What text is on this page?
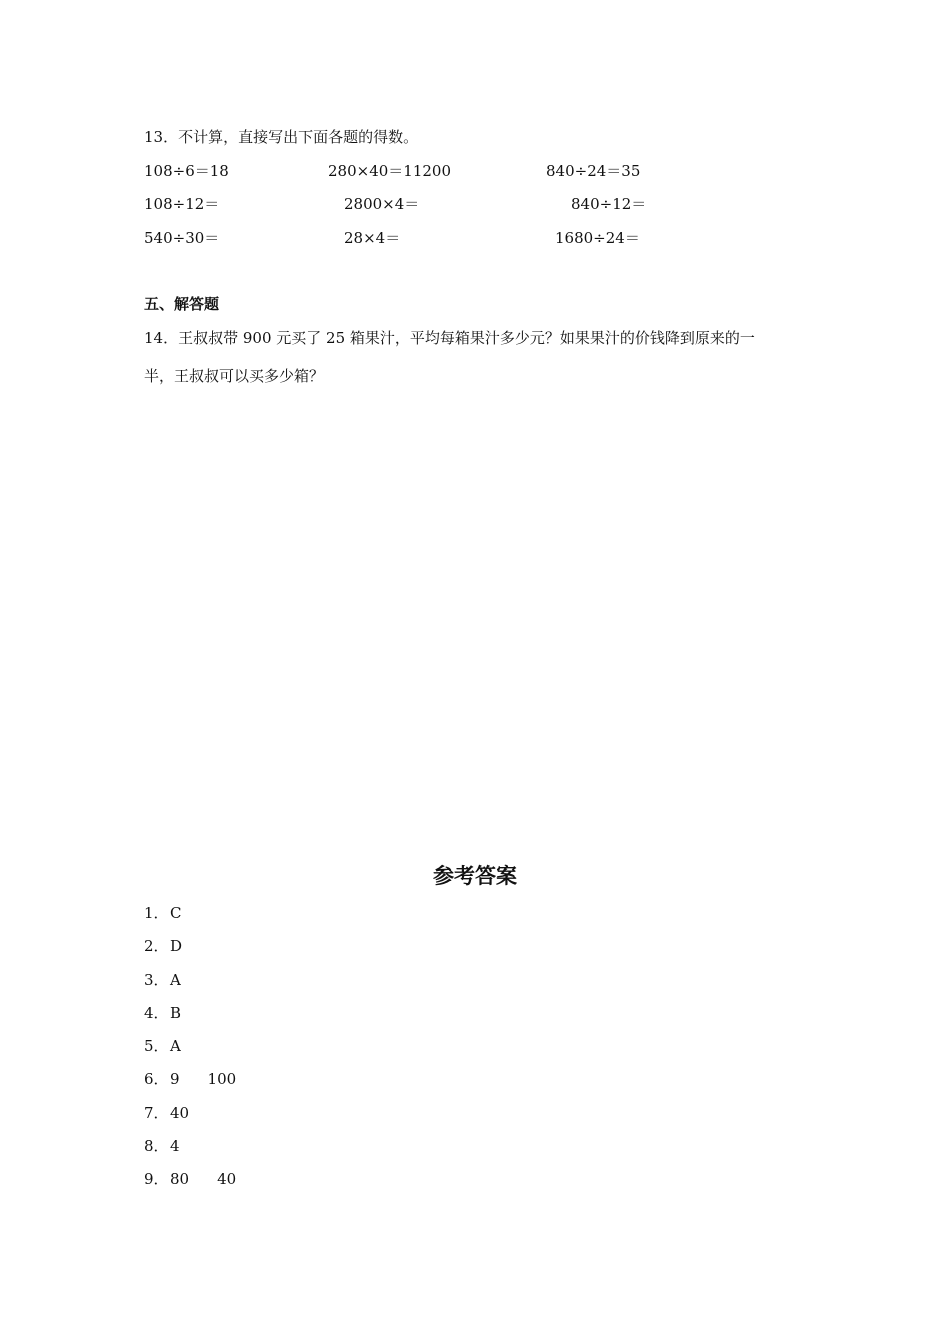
13．不计算，直接写出下面各题的得数。
108÷6＝18	280×40＝11200	840÷24＝35
108÷12＝	2800×4＝	840÷12＝
540÷30＝	28×4＝	1680÷24＝
五、解答题
14．王叔叔带 900 元买了 25 箱果汁，平均每箱果汁多少元？如果果汁的价钱降到原来的一
半，王叔叔可以买多少箱？
参考答案
1．C
2．D
3．A
4．B
5．A
6．9 100
7．40
8．4
9．80 40
